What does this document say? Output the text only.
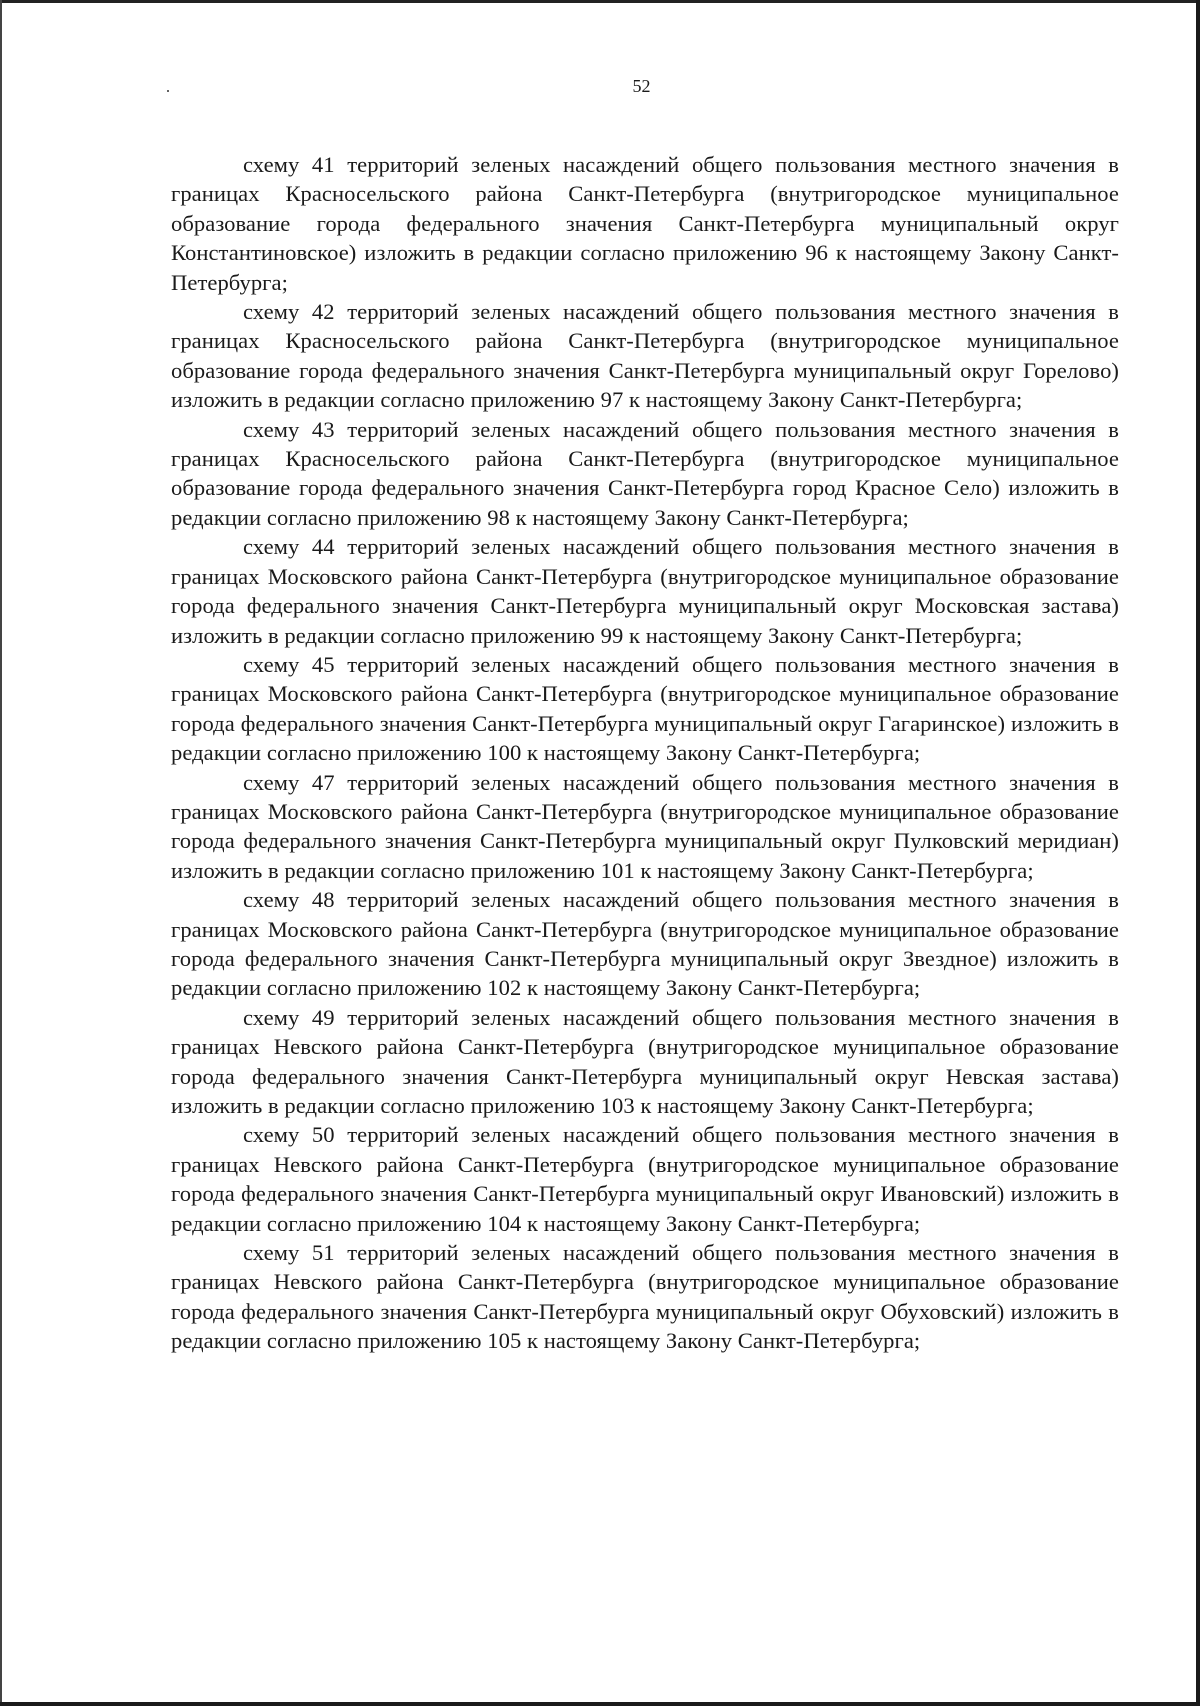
52

схему 41 территорий зеленых насаждений общего пользования местного значения в границах Красносельского района Санкт-Петербурга (внутригородское муниципальное образование города федерального значения Санкт-Петербурга муниципальный округ Константиновское) изложить в редакции согласно приложению 96 к настоящему Закону Санкт-Петербурга;

схему 42 территорий зеленых насаждений общего пользования местного значения в границах Красносельского района Санкт-Петербурга (внутригородское муниципальное образование города федерального значения Санкт-Петербурга муниципальный округ Горелово) изложить в редакции согласно приложению 97 к настоящему Закону Санкт-Петербурга;

схему 43 территорий зеленых насаждений общего пользования местного значения в границах Красносельского района Санкт-Петербурга (внутригородское муниципальное образование города федерального значения Санкт-Петербурга город Красное Село) изложить в редакции согласно приложению 98 к настоящему Закону Санкт-Петербурга;

схему 44 территорий зеленых насаждений общего пользования местного значения в границах Московского района Санкт-Петербурга (внутригородское муниципальное образование города федерального значения Санкт-Петербурга муниципальный округ Московская застава) изложить в редакции согласно приложению 99 к настоящему Закону Санкт-Петербурга;

схему 45 территорий зеленых насаждений общего пользования местного значения в границах Московского района Санкт-Петербурга (внутригородское муниципальное образование города федерального значения Санкт-Петербурга муниципальный округ Гагаринское) изложить в редакции согласно приложению 100 к настоящему Закону Санкт-Петербурга;

схему 47 территорий зеленых насаждений общего пользования местного значения в границах Московского района Санкт-Петербурга (внутригородское муниципальное образование города федерального значения Санкт-Петербурга муниципальный округ Пулковский меридиан) изложить в редакции согласно приложению 101 к настоящему Закону Санкт-Петербурга;

схему 48 территорий зеленых насаждений общего пользования местного значения в границах Московского района Санкт-Петербурга (внутригородское муниципальное образование города федерального значения Санкт-Петербурга муниципальный округ Звездное) изложить в редакции согласно приложению 102 к настоящему Закону Санкт-Петербурга;

схему 49 территорий зеленых насаждений общего пользования местного значения в границах Невского района Санкт-Петербурга (внутригородское муниципальное образование города федерального значения Санкт-Петербурга муниципальный округ Невская застава) изложить в редакции согласно приложению 103 к настоящему Закону Санкт-Петербурга;

схему 50 территорий зеленых насаждений общего пользования местного значения в границах Невского района Санкт-Петербурга (внутригородское муниципальное образование города федерального значения Санкт-Петербурга муниципальный округ Ивановский) изложить в редакции согласно приложению 104 к настоящему Закону Санкт-Петербурга;

схему 51 территорий зеленых насаждений общего пользования местного значения в границах Невского района Санкт-Петербурга (внутригородское муниципальное образование города федерального значения Санкт-Петербурга муниципальный округ Обуховский) изложить в редакции согласно приложению 105 к настоящему Закону Санкт-Петербурга;
